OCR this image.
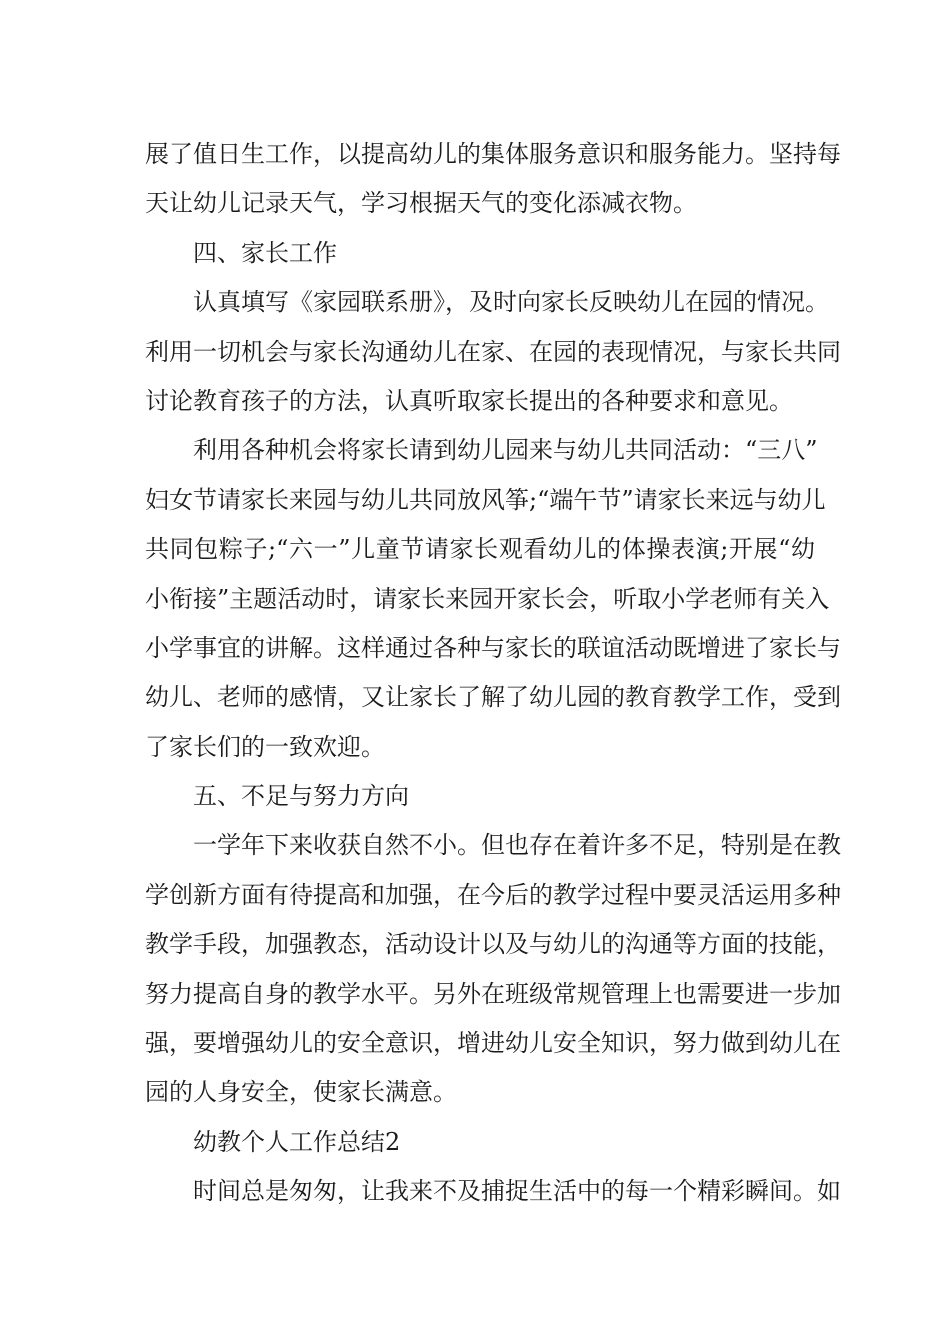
展了值日生工作，以提高幼儿的集体服务意识和服务能力。坚持每
天让幼儿记录天气，学习根据天气的变化添减衣物。
四、家长工作
认真填写《家园联系册》，及时向家长反映幼儿在园的情况。
利用一切机会与家长沟通幼儿在家、在园的表现情况，与家长共同
讨论教育孩子的方法，认真听取家长提出的各种要求和意见。
利用各种机会将家长请到幼儿园来与幼儿共同活动：“三八”
妇女节请家长来园与幼儿共同放风筝;“端午节”请家长来远与幼儿
共同包粽子;“六一”儿童节请家长观看幼儿的体操表演;开展“幼
小衔接”主题活动时，请家长来园开家长会，听取小学老师有关入
小学事宜的讲解。这样通过各种与家长的联谊活动既增进了家长与
幼儿、老师的感情，又让家长了解了幼儿园的教育教学工作，受到
了家长们的一致欢迎。
五、不足与努力方向
一学年下来收获自然不小。但也存在着许多不足，特别是在教
学创新方面有待提高和加强，在今后的教学过程中要灵活运用多种
教学手段，加强教态，活动设计以及与幼儿的沟通等方面的技能，
努力提高自身的教学水平。另外在班级常规管理上也需要进一步加
强，要增强幼儿的安全意识，增进幼儿安全知识，努力做到幼儿在
园的人身安全，使家长满意。
幼教个人工作总结2
时间总是匆匆，让我来不及捕捉生活中的每一个精彩瞬间。如
